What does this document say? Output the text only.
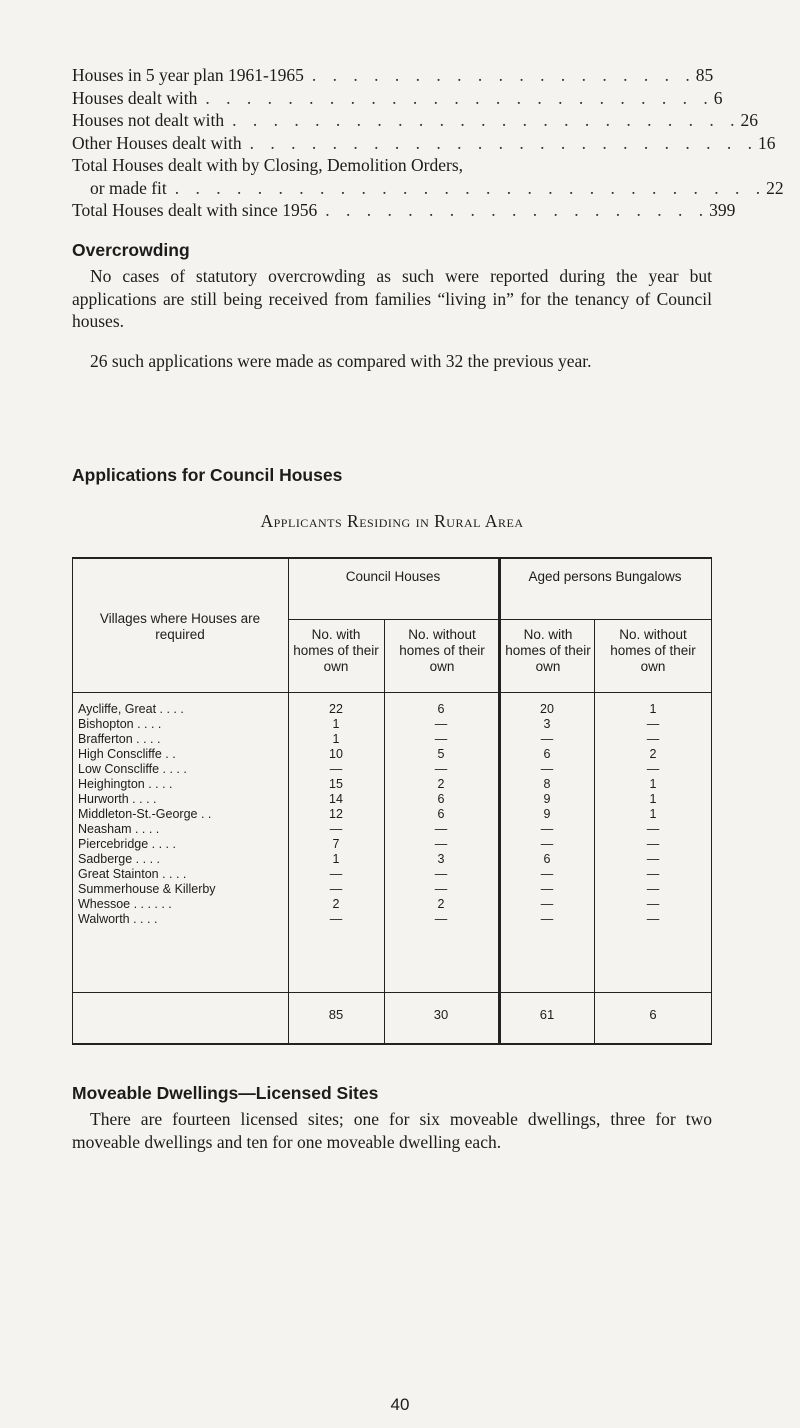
Houses in 5 year plan 1961-1965 . . . . . . . . . . . . . . . . . . . 85
Houses dealt with . . . . . . . . . . . . . . . . . . . . . . . . . 6
Houses not dealt with . . . . . . . . . . . . . . . . . . . . . . . . . 26
Other Houses dealt with . . . . . . . . . . . . . . . . . . . . . . . . . 16
Total Houses dealt with by Closing, Demolition Orders,
or made fit . . . . . . . . . . . . . . . . . . . . . . . . . . . . . 22
Total Houses dealt with since 1956 . . . . . . . . . . . . . . . . . . . 399
Overcrowding

No cases of statutory overcrowding as such were reported during the year but applications are still being received from families “living in” for the tenancy of Council houses.

26 such applications were made as compared with 32 the previous year.

Applications for Council Houses
Applicants Residing in Rural Area
Villages where Houses are required
Council Houses	Aged persons Bungalows
No. with homes of their own
No. without homes of their own
No. with homes of their own
No. without homes of their own
Aycliffe, Great . . . .	22	6	20	1
Bishopton . . . .	1	—	3	—
Brafferton . . . .	1	—	—	—
High Conscliffe . .	10	5	6	2
Low Conscliffe . . . .	—	—	—	—
Heighington . . . .	15	2	8	1
Hurworth . . . .	14	6	9	1
Middleton-St.-George . .	12	6	9	1
Neasham . . . .	—	—	—	—
Piercebridge . . . .	7	—	—	—
Sadberge . . . .	1	3	6	—
Great Stainton . . . .	—	—	—	—
Summerhouse & Killerby	—	—	—	—
Whessoe . . . . . .	2	2	—	—
Walworth . . . .	—	—	—	—
85	30	61	6
Moveable Dwellings—Licensed Sites

There are fourteen licensed sites; one for six moveable dwellings, three for two moveable dwellings and ten for one moveable dwelling each.

40
